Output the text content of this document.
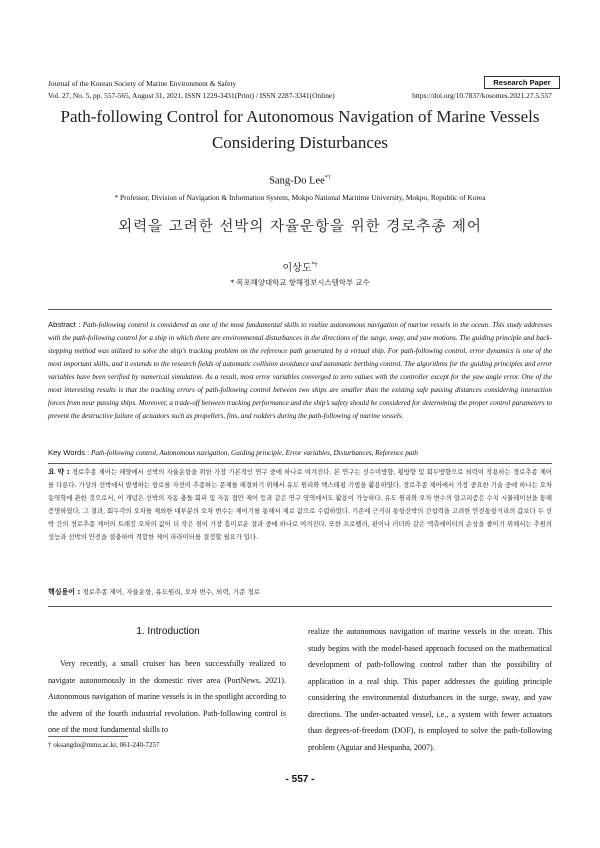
Journal of the Korean Society of Marine Environment & Safety	Research Paper
Vol. 27, No. 5, pp. 557-565, August 31, 2021, ISSN 1229-3431(Print) / ISSN 2287-3341(Online)	https://doi.org/10.7837/kosomes.2021.27.5.557
Path-following Control for Autonomous Navigation of Marine Vessels
Considering Disturbances
Sang-Do Lee*†
* Professor, Division of Navigation & Information System, Mokpo National Maritime University, Mokpo, Republic of Korea
외력을 고려한 선박의 자율운항을 위한 경로추종 제어
이상도*†
* 목포해양대학교 항해정보시스템학부 교수
Abstract : Path-following control is considered as one of the most fundamental skills to realize autonomous navigation of marine vessels in the ocean. This study addresses with the path-following control for a ship in which there are environmental disturbances in the directions of the surge, sway, and yaw motions. The guiding principle and back-stepping method was utilized to solve the ship’s tracking problem on the reference path generated by a virtual ship. For path-following control, error dynamics is one of the most important skills, and it extends to the research fields of automatic collision avoidance and automatic berthing control. The algorithms for the guiding principles and error variables have been verified by numerical simulation. As a result, most error variables converged to zero values with the controller except for the yaw angle error. One of the most interesting results is that the tracking errors of path-following control between two ships are smaller than the existing safe passing distances considering interaction forces from near passing ships. Moreover, a trade-off between tracking performance and the ship’s safety should be considered for determining the proper control parameters to prevent the destructive failure of actuators such as propellers, fins, and rudders during the path-following of marine vessels.
Key Words : Path-following control, Autonomous navigation, Guiding principle, Error variables, Disturbances, Reference path
요 약 : 경로추종 제어는 해양에서 선박의 자율운항을 위한 가장 기본적인 연구 중에 하나로 여겨진다. 본 연구는 선수미방향, 횡방향 및 회두방향으로 외력이 작용하는 경로추종 제어를 다룬다. 가상의 선박에서 발생하는 항로를 자선이 추종하는 문제를 해결하기 위해서 유도 원리와 백스테핑 기법을 활용하였다. 경로추종 제어에서 가장 중요한 기술 중에 하나는 오차 동역학에 관한 것으로서, 이 개념은 선박의 자동 충돌 회피 및 자동 접안 제어 등과 같은 연구 영역에서도 활용이 가능하다. 유도 원리와 오차 변수의 알고리즘은 수치 시뮬레이션을 통해 증명하였다. 그 결과, 회두각의 오차를 제외한 대부분의 오차 변수는 제어기를 통해서 제로 값으로 수렴하였다. 기존에 근거리 통항선박의 간섭력을 고려한 안전통항거리의 값보다 두 선박 간의 경로추종 제어의 트래킹 오차의 값이 더 작은 점이 가장 흥미로운 결과 중에 하나로 여겨진다. 또한 프로펠러, 핀이나 러더와 같은 액츄에이터의 손상을 줄이기 위해서는 추원의 성능과 선박의 안전을 절충하여 적합한 제어 파라미터를 결정할 필요가 있다.
핵심용어 : 경로추종 제어, 자율운항, 유도원리, 오차 변수, 외력, 기준 경로
1. Introduction
Very recently, a small cruiser has been successfully realized to navigate autonomously in the domestic river area (PortNews, 2021). Autonomous navigation of marine vessels is in the spotlight according to the advent of the fourth industrial revolution. Path-following control is one of the most fundamental skills to
realize the autonomous navigation of marine vessels in the ocean. This study begins with the model-based approach focused on the mathematical development of path-following control rather than the possibility of application in a real ship. This paper addresses the guiding principle considering the environmental disturbances in the surge, sway, and yaw directions. The under-actuated vessel, i.e., a system with fewer actuators than degrees-of-freedom (DOF), is employed to solve the path-following problem (Aguiar and Hespanha, 2007).
† oksangdo@mmu.ac.kr, 061-240-7257
- 557 -
